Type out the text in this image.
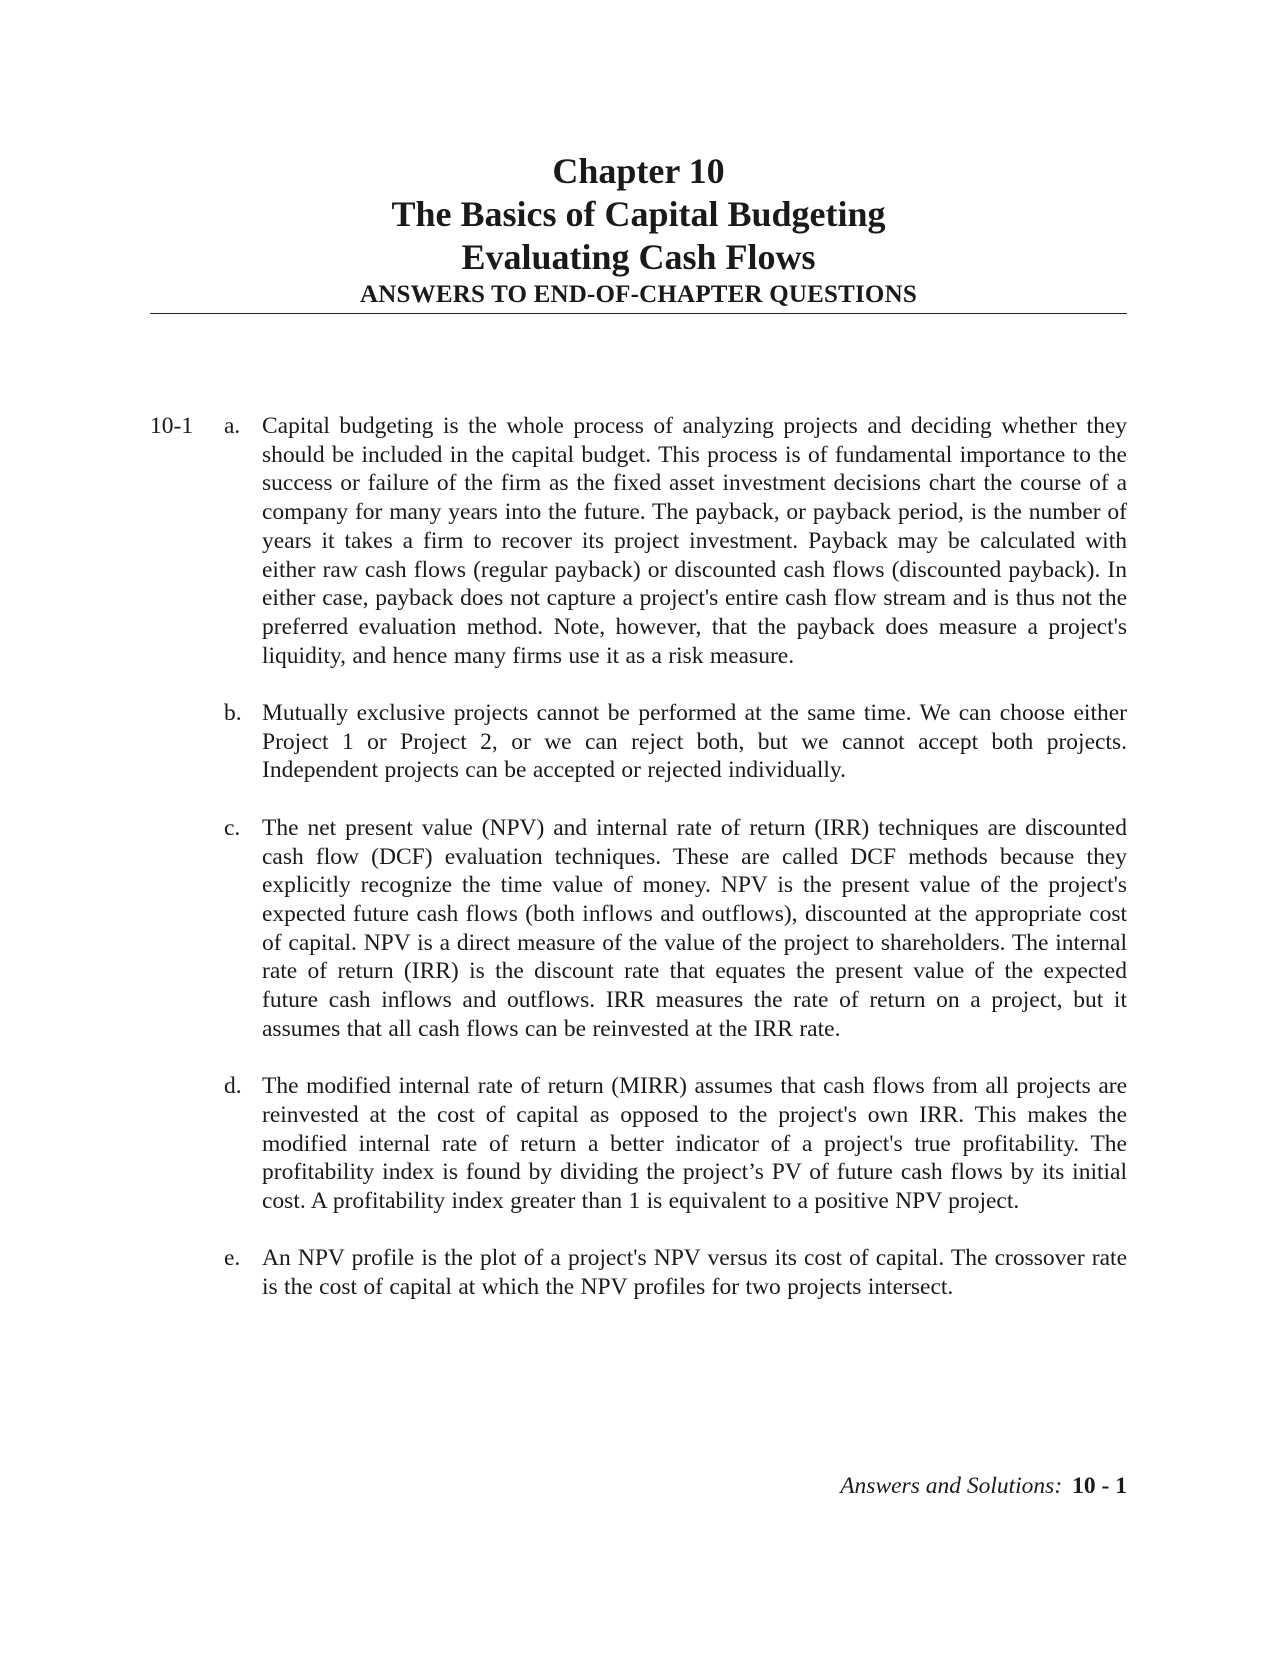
Chapter 10

The Basics of Capital Budgeting

Evaluating Cash Flows

ANSWERS TO END-OF-CHAPTER QUESTIONS

10-1 a. Capital budgeting is the whole process of analyzing projects and deciding whether they should be included in the capital budget. This process is of fundamental importance to the success or failure of the firm as the fixed asset investment decisions chart the course of a company for many years into the future. The payback, or payback period, is the number of years it takes a firm to recover its project investment. Payback may be calculated with either raw cash flows (regular payback) or discounted cash flows (discounted payback). In either case, payback does not capture a project's entire cash flow stream and is thus not the preferred evaluation method. Note, however, that the payback does measure a project's liquidity, and hence many firms use it as a risk measure.
b. Mutually exclusive projects cannot be performed at the same time. We can choose either Project 1 or Project 2, or we can reject both, but we cannot accept both projects. Independent projects can be accepted or rejected individually.
c. The net present value (NPV) and internal rate of return (IRR) techniques are discounted cash flow (DCF) evaluation techniques. These are called DCF methods because they explicitly recognize the time value of money. NPV is the present value of the project's expected future cash flows (both inflows and outflows), discounted at the appropriate cost of capital. NPV is a direct measure of the value of the project to shareholders. The internal rate of return (IRR) is the discount rate that equates the present value of the expected future cash inflows and outflows. IRR measures the rate of return on a project, but it assumes that all cash flows can be reinvested at the IRR rate.
d. The modified internal rate of return (MIRR) assumes that cash flows from all projects are reinvested at the cost of capital as opposed to the project's own IRR. This makes the modified internal rate of return a better indicator of a project's true profitability. The profitability index is found by dividing the project’s PV of future cash flows by its initial cost. A profitability index greater than 1 is equivalent to a positive NPV project.
e. An NPV profile is the plot of a project's NPV versus its cost of capital. The crossover rate is the cost of capital at which the NPV profiles for two projects intersect.
Answers and Solutions: 10 - 1
